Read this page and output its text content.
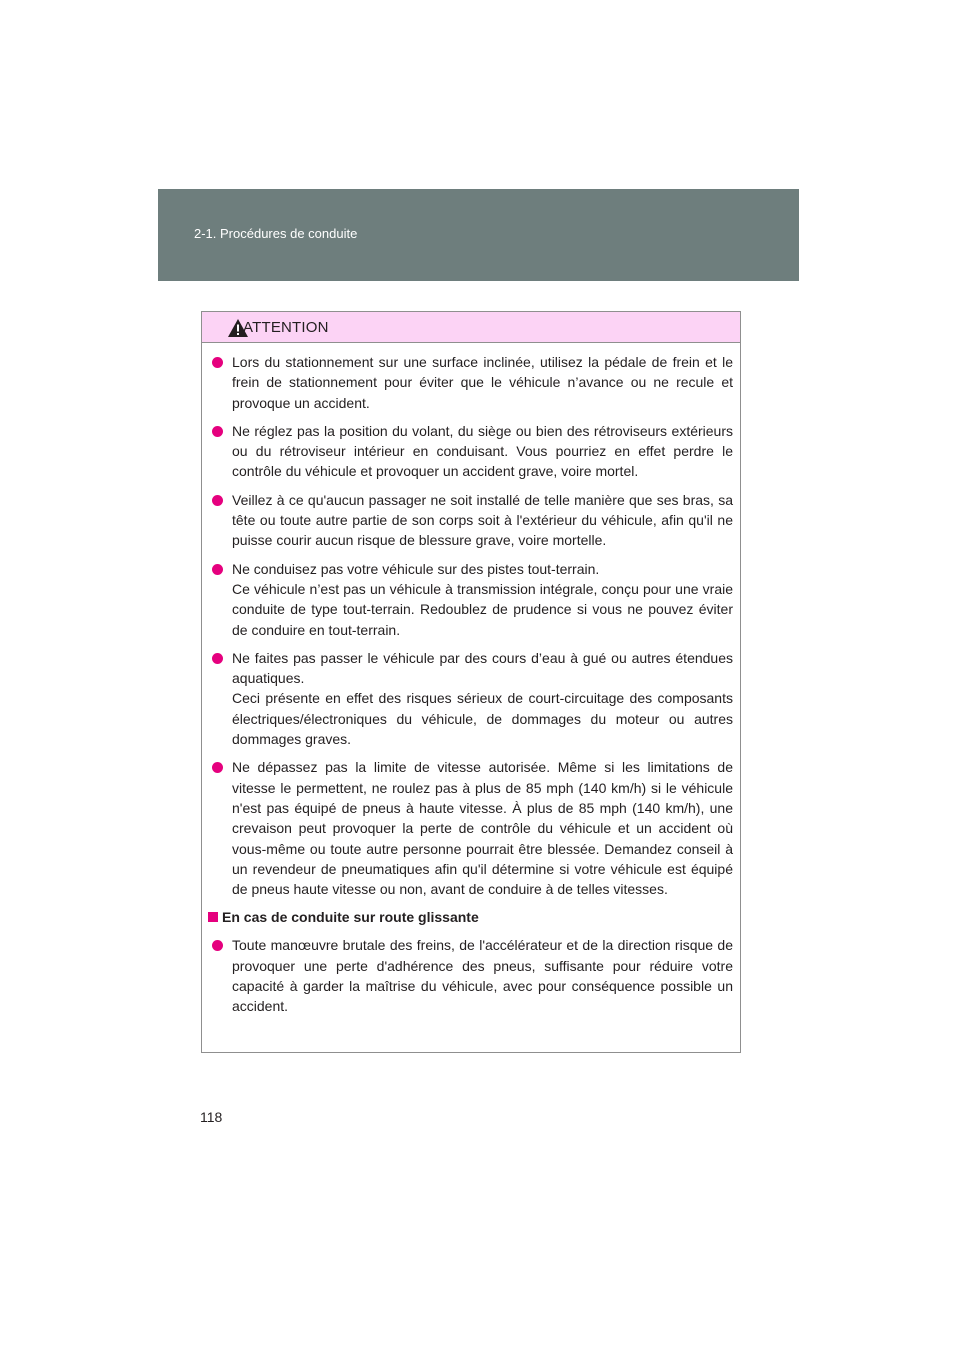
2-1. Procédures de conduite
ATTENTION

Lors du stationnement sur une surface inclinée, utilisez la pédale de frein et le frein de stationnement pour éviter que le véhicule n’avance ou ne recule et provoque un accident.

Ne réglez pas la position du volant, du siège ou bien des rétroviseurs extérieurs ou du rétroviseur intérieur en conduisant. Vous pourriez en effet perdre le contrôle du véhicule et provoquer un accident grave, voire mortel.

Veillez à ce qu'aucun passager ne soit installé de telle manière que ses bras, sa tête ou toute autre partie de son corps soit à l'extérieur du véhicule, afin qu'il ne puisse courir aucun risque de blessure grave, voire mortelle.

Ne conduisez pas votre véhicule sur des pistes tout-terrain.

Ce véhicule n’est pas un véhicule à transmission intégrale, conçu pour une vraie conduite de type tout-terrain. Redoublez de prudence si vous ne pouvez éviter de conduire en tout-terrain.

Ne faites pas passer le véhicule par des cours d’eau à gué ou autres étendues aquatiques.

Ceci présente en effet des risques sérieux de court-circuitage des composants électriques/électroniques du véhicule, de dommages du moteur ou autres dommages graves.

Ne dépassez pas la limite de vitesse autorisée. Même si les limitations de vitesse le permettent, ne roulez pas à plus de 85 mph (140 km/h) si le véhicule n'est pas équipé de pneus à haute vitesse. À plus de 85 mph (140 km/h), une crevaison peut provoquer la perte de contrôle du véhicule et un accident où vous-même ou toute autre personne pourrait être blessée. Demandez conseil à un revendeur de pneumatiques afin qu'il détermine si votre véhicule est équipé de pneus haute vitesse ou non, avant de conduire à de telles vitesses.

En cas de conduite sur route glissante

Toute manœuvre brutale des freins, de l'accélérateur et de la direction risque de provoquer une perte d'adhérence des pneus, suffisante pour réduire votre capacité à garder la maîtrise du véhicule, avec pour conséquence possible un accident.

118
